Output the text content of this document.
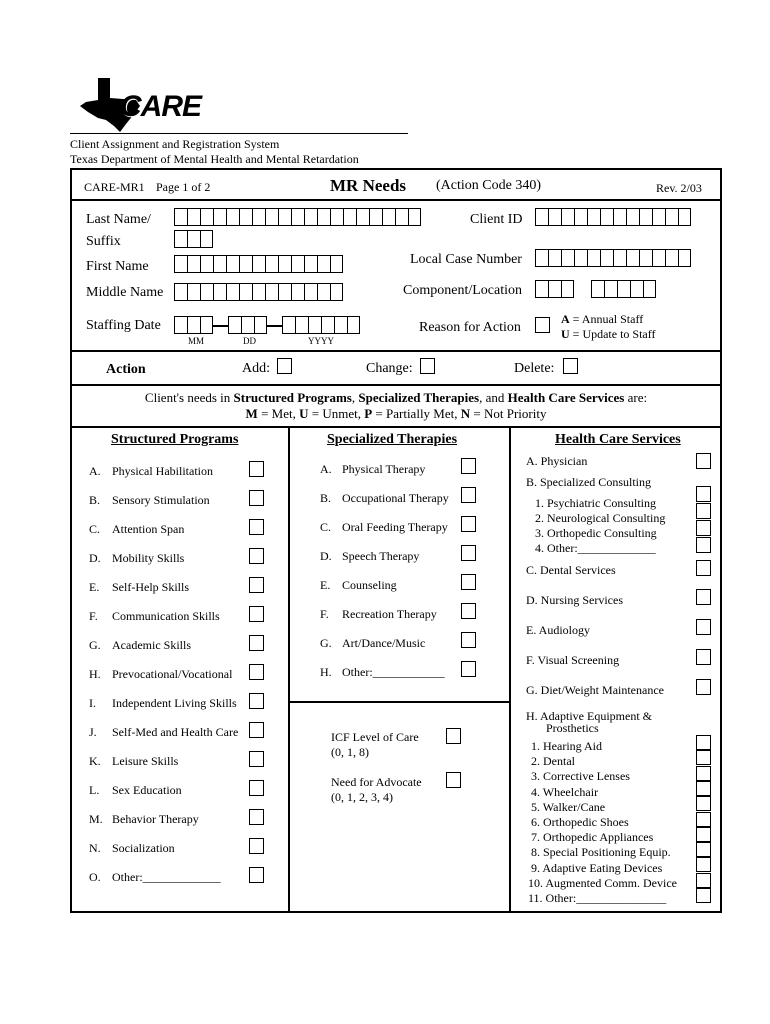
CARE
Client Assignment and Registration System
Texas Department of Mental Health and Mental Retardation
CARE-MR1 Page 1 of 2	MR Needs (Action Code 340)	Rev. 2/03
Last Name/
Suffix
First Name
Middle Name
Staffing Date
MM	DD	YYYY
Client ID
Local Case Number
Component/Location
Reason for Action
A = Annual Staff
U = Update to Staff
Action	Add:	Change:	Delete:
Client's needs in Structured Programs, Specialized Therapies, and Health Care Services are:
M = Met, U = Unmet, P = Partially Met, N = Not Priority
Structured Programs
A. Physical Habilitation
B. Sensory Stimulation
C. Attention Span
D. Mobility Skills
E. Self-Help Skills
F. Communication Skills
G. Academic Skills
H. Prevocational/Vocational
I. Independent Living Skills
J. Self-Med and Health Care
K. Leisure Skills
L. Sex Education
M. Behavior Therapy
N. Socialization
O. Other:_____________
Specialized Therapies
A. Physical Therapy
B. Occupational Therapy
C. Oral Feeding Therapy
D. Speech Therapy
E. Counseling
F. Recreation Therapy
G. Art/Dance/Music
H. Other:____________
ICF Level of Care
(0, 1, 8)
Need for Advocate
(0, 1, 2, 3, 4)
Health Care Services
A. Physician
B. Specialized Consulting
1. Psychiatric Consulting
2. Neurological Consulting
3. Orthopedic Consulting
4. Other:_____________
C. Dental Services
D. Nursing Services
E. Audiology
F. Visual Screening
G. Diet/Weight Maintenance
H. Adaptive Equipment &
Prosthetics
1. Hearing Aid
2. Dental
3. Corrective Lenses
4. Wheelchair
5. Walker/Cane
6. Orthopedic Shoes
7. Orthopedic Appliances
8. Special Positioning Equip.
9. Adaptive Eating Devices
10. Augmented Comm. Device
11. Other:_______________
